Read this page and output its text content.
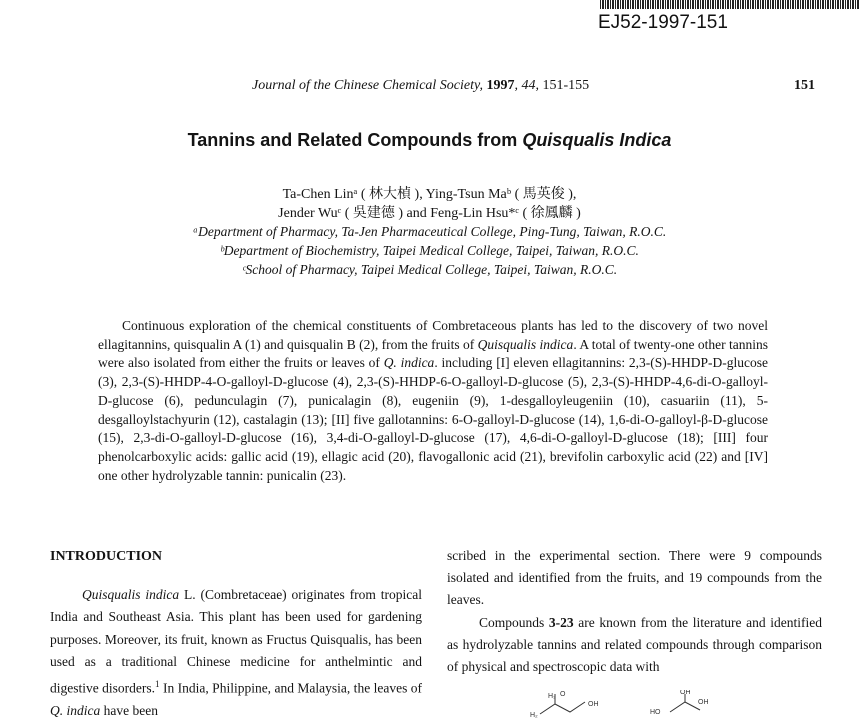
EJ52-1997-151
Journal of the Chinese Chemical Society, 1997, 44, 151-155	151
Tannins and Related Compounds from Quisqualis Indica
Ta-Chen Linᵃ ( 林大楨 ), Ying-Tsun Maᵇ ( 馬英俊 ),
Jender Wuᶜ ( 吳建德 ) and Feng-Lin Hsu*ᶜ ( 徐鳳麟 )
ᵃDepartment of Pharmacy, Ta-Jen Pharmaceutical College, Ping-Tung, Taiwan, R.O.C.
ᵇDepartment of Biochemistry, Taipei Medical College, Taipei, Taiwan, R.O.C.
ᶜSchool of Pharmacy, Taipei Medical College, Taipei, Taiwan, R.O.C.
Continuous exploration of the chemical constituents of Combretaceous plants has led to the discovery of two novel ellagitannins, quisqualin A (1) and quisqualin B (2), from the fruits of Quisqualis indica. A total of twenty-one other tannins were also isolated from either the fruits or leaves of Q. indica. including [I] eleven ellagitannins: 2,3-(S)-HHDP-D-glucose (3), 2,3-(S)-HHDP-4-O-galloyl-D-glucose (4), 2,3-(S)-HHDP-6-O-galloyl-D-glucose (5), 2,3-(S)-HHDP-4,6-di-O-galloyl-D-glucose (6), pedunculagin (7), punicalagin (8), eugeniin (9), 1-desgalloyleugeniin (10), casuariin (11), 5-desgalloylstachyurin (12), castalagin (13); [II] five gallotannins: 6-O-galloyl-D-glucose (14), 1,6-di-O-galloyl-β-D-glucose (15), 2,3-di-O-galloyl-D-glucose (16), 3,4-di-O-galloyl-D-glucose (17), 4,6-di-O-galloyl-D-glucose (18); [III] four phenolcarboxylic acids: gallic acid (19), ellagic acid (20), flavogallonic acid (21), brevifolin carboxylic acid (22) and [IV] one other hydrolyzable tannin: punicalin (23).
INTRODUCTION

Quisqualis indica L. (Combretaceae) originates from tropical India and Southeast Asia. This plant has been used for gardening purposes. Moreover, its fruit, known as Fructus Quisqualis, has been used as a traditional Chinese medicine for anthelmintic and digestive disorders.$^1$ In India, Philippine, and Malaysia, the leaves of Q. indica have been

scribed in the experimental section. There were 9 compounds isolated and identified from the fruits, and 19 compounds from the leaves.

Compounds 3-23 are known from the literature and identified as hydrolyzable tannins and related compounds through comparison of physical and spectroscopic data with

H₂
H₃ O
OH
OH
HO
OH
